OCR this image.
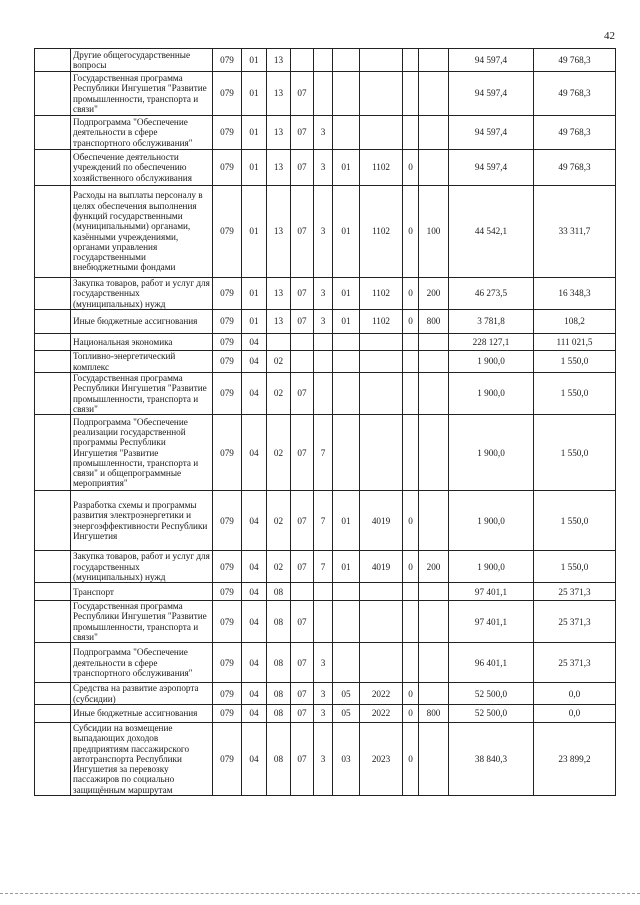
42
	Другие общегосударственные вопросы	079	01	13							94 597,4	49 768,3
	Государственная программа Республики Ингушетия "Развитие промышленности, транспорта и связи"	079	01	13	07						94 597,4	49 768,3
	Подпрограмма "Обеспечение деятельности в сфере транспортного обслуживания"	079	01	13	07	3					94 597,4	49 768,3
	Обеспечение деятельности учреждений по обеспечению хозяйственного обслуживания	079	01	13	07	3	01	1102	0		94 597,4	49 768,3
	Расходы на выплаты персоналу в целях обеспечения выполнения функций государственными (муниципальными) органами, казёнными учреждениями, органами управления государственными внебюджетными фондами	079	01	13	07	3	01	1102	0	100	44 542,1	33 311,7
	Закупка товаров, работ и услуг для государственных (муниципальных) нужд	079	01	13	07	3	01	1102	0	200	46 273,5	16 348,3
	Иные бюджетные ассигнования	079	01	13	07	3	01	1102	0	800	3 781,8	108,2
	Национальная экономика	079	04								228 127,1	111 021,5
	Топливно-энергетический комплекс	079	04	02							1 900,0	1 550,0
	Государственная программа Республики Ингушетия "Развитие промышленности, транспорта и связи"	079	04	02	07						1 900,0	1 550,0
	Подпрограмма "Обеспечение реализации государственной программы Республики Ингушетия "Развитие промышленности, транспорта и связи" и общепрограммные мероприятия"	079	04	02	07	7					1 900,0	1 550,0
	Разработка схемы и программы развития электроэнергетики и энергоэффективности Республики Ингушетия	079	04	02	07	7	01	4019	0		1 900,0	1 550,0
	Закупка товаров, работ и услуг для государственных (муниципальных) нужд	079	04	02	07	7	01	4019	0	200	1 900,0	1 550,0
	Транспорт	079	04	08							97 401,1	25 371,3
	Государственная программа Республики Ингушетия "Развитие промышленности, транспорта и связи"	079	04	08	07						97 401,1	25 371,3
	Подпрограмма "Обеспечение деятельности в сфере транспортного обслуживания"	079	04	08	07	3					96 401,1	25 371,3
	Средства на развитие аэропорта (субсидии)	079	04	08	07	3	05	2022	0		52 500,0	0,0
	Иные бюджетные ассигнования	079	04	08	07	3	05	2022	0	800	52 500,0	0,0
	Субсидии на возмещение выпадающих доходов предприятиям пассажирского автотранспорта Республики Ингушетия за перевозку пассажиров по социально защищённым маршрутам	079	04	08	07	3	03	2023	0		38 840,3	23 899,2
